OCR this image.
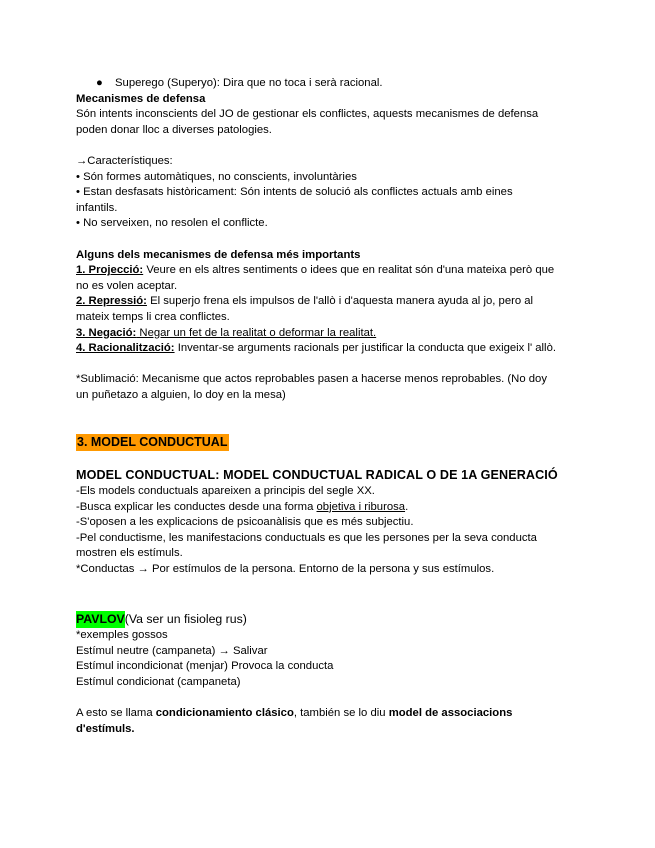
● Superego (Superyo): Dira que no toca i serà racional.
Mecanismes de defensa
Són intents inconscients del JO de gestionar els conflictes, aquests mecanismes de defensa
poden donar lloc a diverses patologies.
→Característiques:
• Són formes automàtiques, no conscients, involuntàries
• Estan desfasats històricament: Són intents de solució als conflictes actuals amb eines
infantils.
• No serveixen, no resolen el conflicte.
Alguns dels mecanismes de defensa més importants
1. Projecció: Veure en els altres sentiments o idees que en realitat són d'una mateixa però que
no es volen aceptar.
2. Repressió: El superjo frena els impulsos de l'allò i d'aquesta manera ayuda al jo, pero al
mateix temps li crea conflictes.
3. Negació: Negar un fet de la realitat o deformar la realitat.
4. Racionalització: Inventar-se arguments racionals per justificar la conducta que exigeix l' allò.
*Sublimació: Mecanisme que actos reprobables pasen a hacerse menos reprobables. (No doy
un puñetazo a alguien, lo doy en la mesa)
3. MODEL CONDUCTUAL
MODEL CONDUCTUAL: MODEL CONDUCTUAL RADICAL O DE 1A GENERACIÓ
-Els models conductuals apareixen a principis del segle XX.
-Busca explicar les conductes desde una forma objetiva i riburosa.
-S'oposen a les explicacions de psicoanàlisis que es més subjectiu.
-Pel conductisme, les manifestacions conductuals es que les persones per la seva conducta
mostren els estímuls.
*Conductas → Por estímulos de la persona. Entorno de la persona y sus estímulos.
PAVLOV(Va ser un fisioleg rus)
*exemples gossos
Estímul neutre (campaneta) → Salivar
Estímul incondicionat (menjar) Provoca la conducta
Estímul condicionat (campaneta)
A esto se llama condicionamiento clásico, también se lo diu model de associacions
d'estímuls.
